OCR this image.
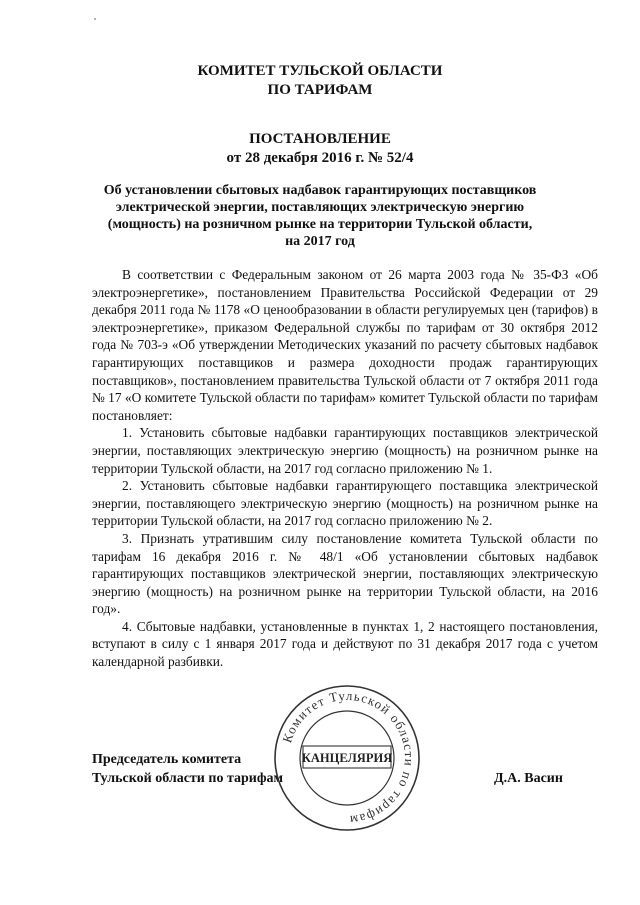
КОМИТЕТ ТУЛЬСКОЙ ОБЛАСТИ
ПО ТАРИФАМ
ПОСТАНОВЛЕНИЕ
от 28 декабря 2016 г. № 52/4
Об установлении сбытовых надбавок гарантирующих поставщиков
электрической энергии, поставляющих электрическую энергию
(мощность) на розничном рынке на территории Тульской области,
на 2017 год

В соответствии с Федеральным законом от 26 марта 2003 года № 35-ФЗ «Об электроэнергетике», постановлением Правительства Российской Федерации от 29 декабря 2011 года № 1178 «О ценообразовании в области регулируемых цен (тарифов) в электроэнергетике», приказом Федеральной службы по тарифам от 30 октября 2012 года № 703-э «Об утверждении Методических указаний по расчету сбытовых надбавок гарантирующих поставщиков и размера доходности продаж гарантирующих поставщиков», постановлением правительства Тульской области от 7 октября 2011 года № 17 «О комитете Тульской области по тарифам» комитет Тульской области по тарифам постановляет:

1. Установить сбытовые надбавки гарантирующих поставщиков электрической энергии, поставляющих электрическую энергию (мощность) на розничном рынке на территории Тульской области, на 2017 год согласно приложению № 1.

2. Установить сбытовые надбавки гарантирующего поставщика электрической энергии, поставляющего электрическую энергию (мощность) на розничном рынке на территории Тульской области, на 2017 год согласно приложению № 2.

3. Признать утратившим силу постановление комитета Тульской области по тарифам 16 декабря 2016 г. № 48/1 «Об установлении сбытовых надбавок гарантирующих поставщиков электрической энергии, поставляющих электрическую энергию (мощность) на розничном рынке на территории Тульской области, на 2016 год».

4. Сбытовые надбавки, установленные в пунктах 1, 2 настоящего постановления, вступают в силу с 1 января 2017 года и действуют по 31 декабря 2017 года с учетом календарной разбивки.

Председатель комитета
Тульской области по тарифам	Д.А. Васин
Комитет Тульской области по тарифам
КАНЦЕЛЯРИЯ
